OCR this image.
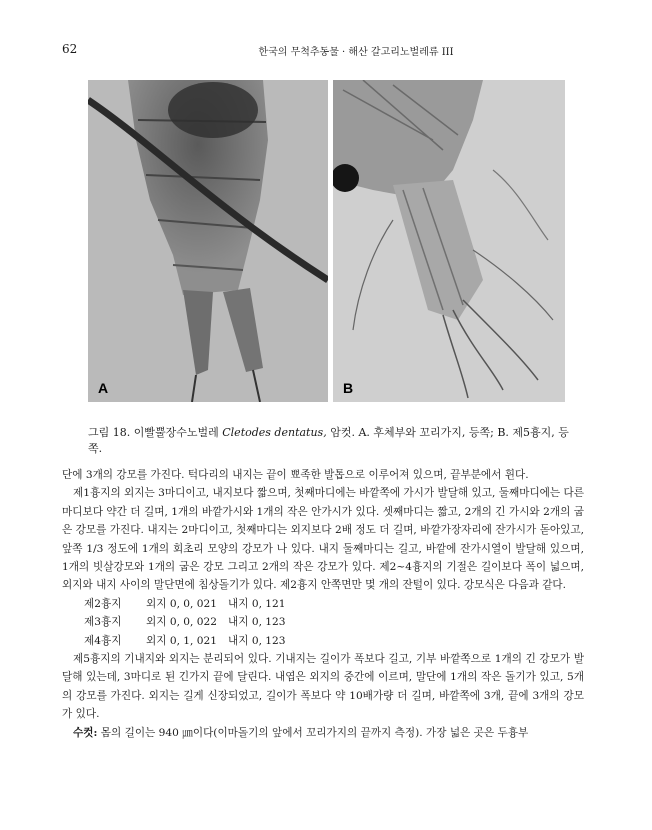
62	한국의 무척추동물 · 해산 갈고리노벌레류 III
A	B
그림 18. 이빨뿔장수노벌레 Cletodes dentatus, 암컷. A. 후체부와 꼬리가지, 등쪽; B. 제5흉지, 등쪽.

단에 3개의 강모를 가진다. 턱다리의 내지는 끝이 뾰족한 발톱으로 이루어져 있으며, 끝부분에서 휜다.

제1흉지의 외지는 3마디이고, 내지보다 짧으며, 첫째마디에는 바깥쪽에 가시가 발달해 있고, 둘째마디에는 다른 마디보다 약간 더 길며, 1개의 바깥가시와 1개의 작은 안가시가 있다. 셋째마디는 짧고, 2개의 긴 가시와 2개의 굽은 강모를 가진다. 내지는 2마디이고, 첫째마디는 외지보다 2배 정도 더 길며, 바깥가장자리에 잔가시가 돋아있고, 앞쪽 1/3 정도에 1개의 회초리 모양의 강모가 나 있다. 내지 둘째마디는 길고, 바깥에 잔가시열이 발달해 있으며, 1개의 빗살강모와 1개의 굽은 강모 그리고 2개의 작은 강모가 있다. 제2~4흉지의 기절은 길이보다 폭이 넓으며, 외지와 내지 사이의 말단면에 침상돌기가 있다. 제2흉지 안쪽면만 몇 개의 잔털이 있다. 강모식은 다음과 같다.

제2흉지	외지 0, 0, 021	내지 0, 121
제3흉지	외지 0, 0, 022	내지 0, 123
제4흉지	외지 0, 1, 021	내지 0, 123

제5흉지의 기내지와 외지는 분리되어 있다. 기내지는 길이가 폭보다 길고, 기부 바깥쪽으로 1개의 긴 강모가 발달해 있는데, 3마디로 된 긴가지 끝에 달린다. 내엽은 외지의 중간에 이르며, 말단에 1개의 작은 돌기가 있고, 5개의 강모를 가진다. 외지는 길게 신장되었고, 길이가 폭보다 약 10배가량 더 길며, 바깥쪽에 3개, 끝에 3개의 강모가 있다.

수컷: 몸의 길이는 940 ㎛이다(이마돌기의 앞에서 꼬리가지의 끝까지 측정). 가장 넓은 곳은 두흉부
